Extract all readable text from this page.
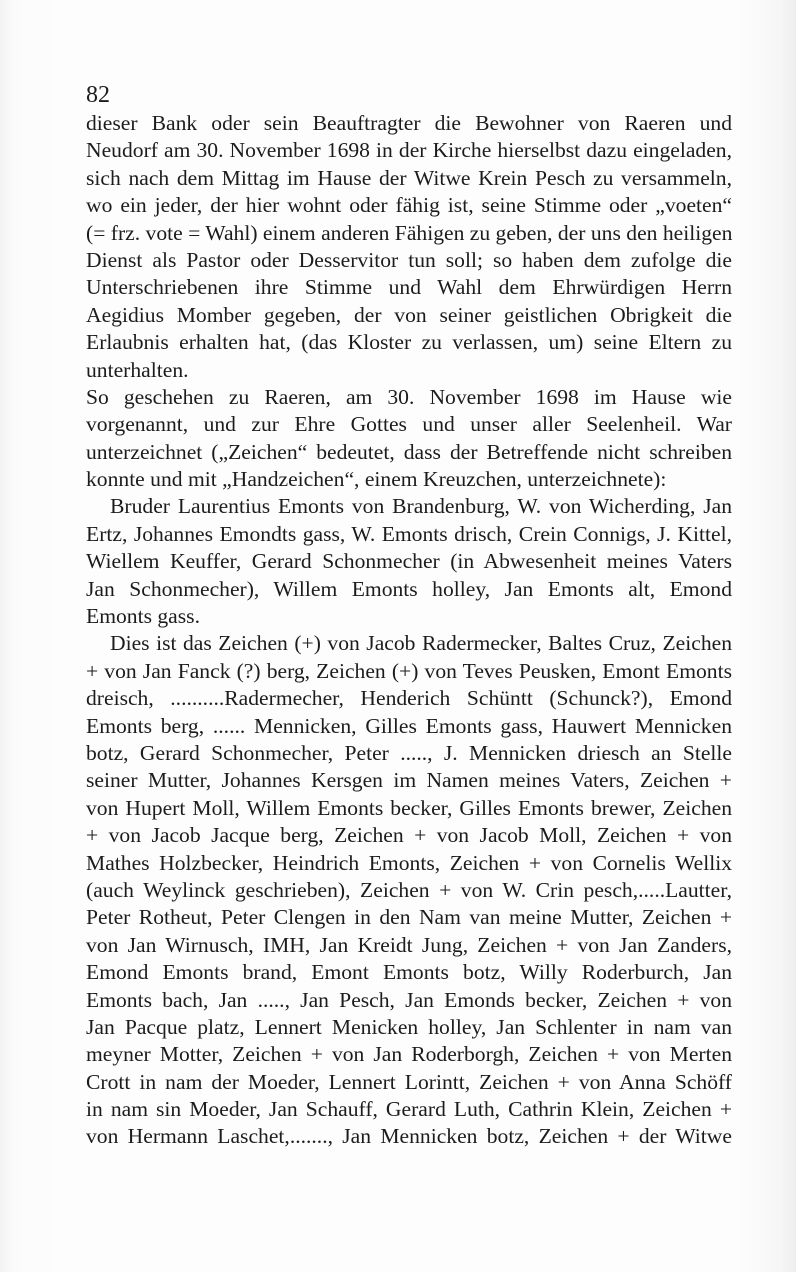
82
dieser Bank oder sein Beauftragter die Bewohner von Raeren und
Neudorf am 30. November 1698 in der Kirche hierselbst dazu eingeladen,
sich nach dem Mittag im Hause der Witwe Krein Pesch zu versammeln,
wo ein jeder, der hier wohnt oder fähig ist, seine Stimme oder „voeten“
(= frz. vote = Wahl) einem anderen Fähigen zu geben, der uns den heiligen
Dienst als Pastor oder Desservitor tun soll; so haben dem zufolge die
Unterschriebenen ihre Stimme und Wahl dem Ehrwürdigen Herrn
Aegidius Momber gegeben, der von seiner geistlichen Obrigkeit die
Erlaubnis erhalten hat, (das Kloster zu verlassen, um) seine Eltern zu
unterhalten.
So geschehen zu Raeren, am 30. November 1698 im Hause wie
vorgenannt, und zur Ehre Gottes und unser aller Seelenheil. War
unterzeichnet („Zeichen“ bedeutet, dass der Betreffende nicht schreiben
konnte und mit „Handzeichen“, einem Kreuzchen, unterzeichnete):
Bruder Laurentius Emonts von Brandenburg, W. von Wicherding, Jan
Ertz, Johannes Emondts gass, W. Emonts drisch, Crein Connigs, J. Kittel,
Wiellem Keuffer, Gerard Schonmecher (in Abwesenheit meines Vaters
Jan Schonmecher), Willem Emonts holley, Jan Emonts alt, Emond
Emonts gass.
Dies ist das Zeichen (+) von Jacob Radermecker, Baltes Cruz, Zeichen
+ von Jan Fanck (?) berg, Zeichen (+) von Teves Peusken, Emont Emonts
dreisch, ..........Radermecher, Henderich Schüntt (Schunck?), Emond
Emonts berg, ...... Mennicken, Gilles Emonts gass, Hauwert Mennicken
botz, Gerard Schonmecher, Peter ....., J. Mennicken driesch an Stelle
seiner Mutter, Johannes Kersgen im Namen meines Vaters, Zeichen +
von Hupert Moll, Willem Emonts becker, Gilles Emonts brewer, Zeichen
+ von Jacob Jacque berg, Zeichen + von Jacob Moll, Zeichen + von
Mathes Holzbecker, Heindrich Emonts, Zeichen + von Cornelis Wellix
(auch Weylinck geschrieben), Zeichen + von W. Crin pesch,.....Lautter,
Peter Rotheut, Peter Clengen in den Nam van meine Mutter, Zeichen +
von Jan Wirnusch, IMH, Jan Kreidt Jung, Zeichen + von Jan Zanders,
Emond Emonts brand, Emont Emonts botz, Willy Roderburch, Jan
Emonts bach, Jan ....., Jan Pesch, Jan Emonds becker, Zeichen + von
Jan Pacque platz, Lennert Menicken holley, Jan Schlenter in nam van
meyner Motter, Zeichen + von Jan Roderborgh, Zeichen + von Merten
Crott in nam der Moeder, Lennert Lorintt, Zeichen + von Anna Schöff
in nam sin Moeder, Jan Schauff, Gerard Luth, Cathrin Klein, Zeichen +
von Hermann Laschet,......., Jan Mennicken botz, Zeichen + der Witwe
